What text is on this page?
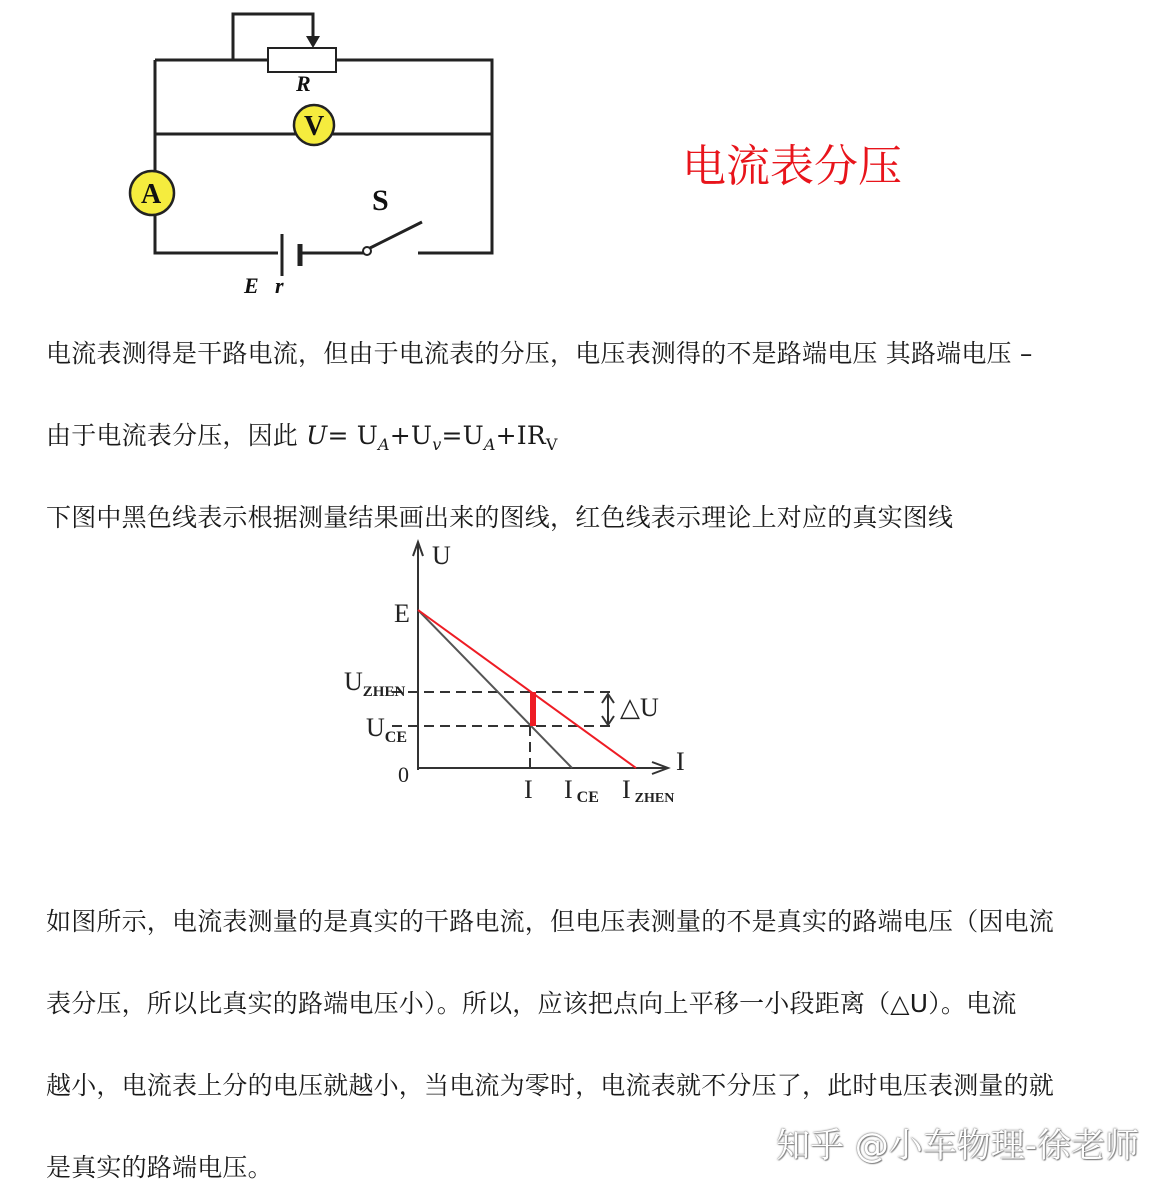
R
V
A
E r
S
电流表分压
电流表测得是干路电流，但由于电流表的分压，电压表测得的不是路端电压 其路端电压 –
由于电流表分压，因此 $U= U_A+U_v=U_A+IR_V$
下图中黑色线表示根据测量结果画出来的图线，红色线表示理论上对应的真实图线
△U
U
I
E
0
$U_{ZHEN}$
$U_{CE}$
I ICE IZHEN
如图所示，电流表测量的是真实的干路电流，但电压表测量的不是真实的路端电压（因电流
表分压，所以比真实的路端电压小）。所以，应该把点向上平移一小段距离（△U）。电流
越小，电流表上分的电压就越小，当电流为零时，电流表就不分压了，此时电压表测量的就
是真实的路端电压。
知乎 @小车物理-徐老师
